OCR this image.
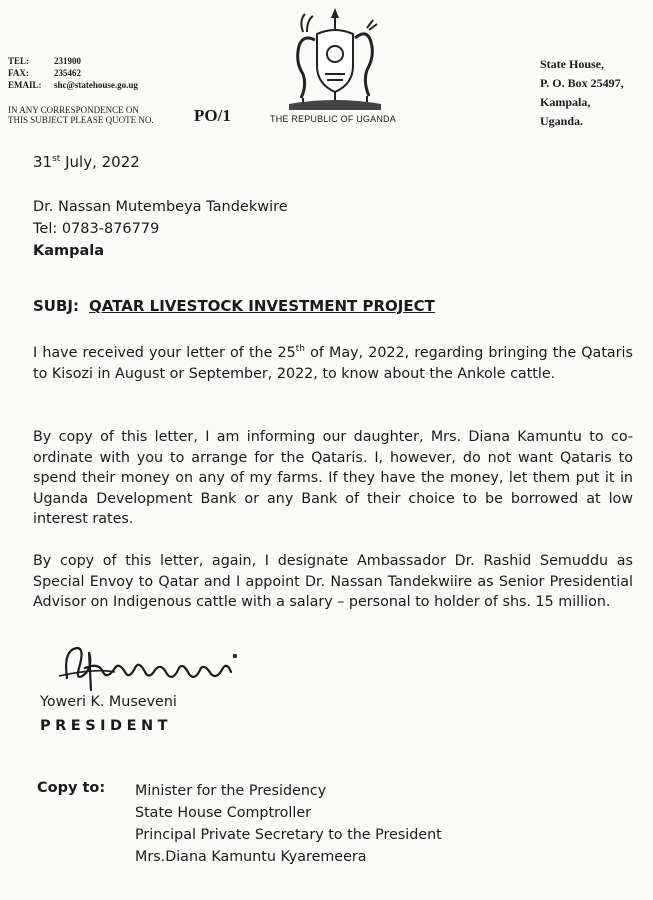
TEL:	231900
FAX:	235462
EMAIL:	shc@statehouse.go.ug
IN ANY CORRESPONDENCE ON
THIS SUBJECT PLEASE QUOTE NO. PO/1	THE REPUBLIC OF UGANDA
State House,
P. O. Box 25497,
Kampala,
Uganda.
31st July, 2022
Dr. Nassan Mutembeya Tandekwire
Tel: 0783-876779
Kampala
SUBJ: QATAR LIVESTOCK INVESTMENT PROJECT
I have received your letter of the 25th of May, 2022, regarding bringing the Qataris to Kisozi in August or September, 2022, to know about the Ankole cattle.
By copy of this letter, I am informing our daughter, Mrs. Diana Kamuntu to co-ordinate with you to arrange for the Qataris. I, however, do not want Qataris to spend their money on any of my farms. If they have the money, let them put it in Uganda Development Bank or any Bank of their choice to be borrowed at low interest rates.
By copy of this letter, again, I designate Ambassador Dr. Rashid Semuddu as Special Envoy to Qatar and I appoint Dr. Nassan Tandekwiire as Senior Presidential Advisor on Indigenous cattle with a salary – personal to holder of shs. 15 million.
Yoweri K. Museveni
PRESIDENT
Copy to: Minister for the Presidency
State House Comptroller
Principal Private Secretary to the President
Mrs.Diana Kamuntu Kyaremeera
